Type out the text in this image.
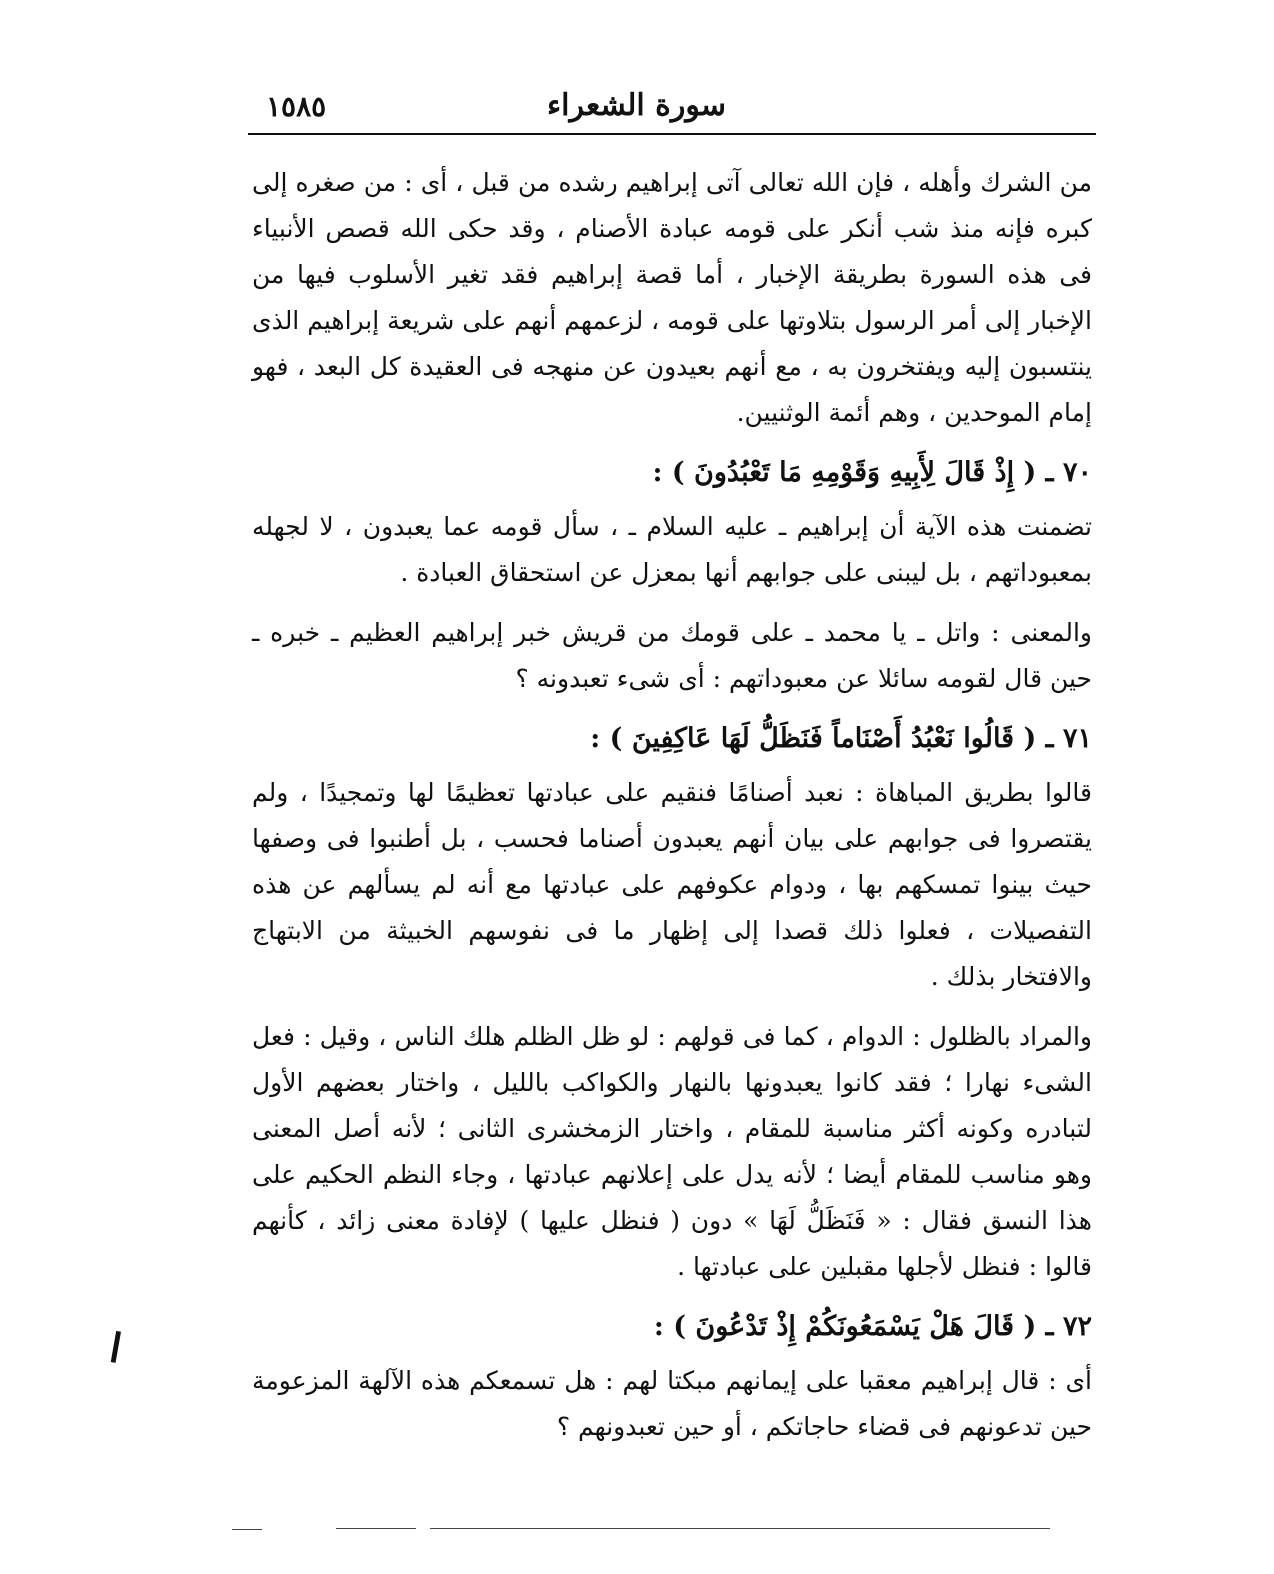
سورة الشعراء
١٥٨٥

من الشرك وأهله ، فإن الله تعالى آتى إبراهيم رشده من قبل ، أى : من صغره إلى كبره فإنه منذ شب أنكر على قومه عبادة الأصنام ، وقد حكى الله قصص الأنبياء فى هذه السورة بطريقة الإخبار ، أما قصة إبراهيم فقد تغير الأسلوب فيها من الإخبار إلى أمر الرسول بتلاوتها على قومه ، لزعمهم أنهم على شريعة إبراهيم الذى ينتسبون إليه ويفتخرون به ، مع أنهم بعيدون عن منهجه فى العقيدة كل البعد ، فهو إمام الموحدين ، وهم أئمة الوثنيين.

٧٠ ـ ( إِذْ قَالَ لِأَبِيهِ وَقَوْمِهِ مَا تَعْبُدُونَ ) :

تضمنت هذه الآية أن إبراهيم ـ عليه السلام ـ ، سأل قومه عما يعبدون ، لا لجهله بمعبوداتهم ، بل ليبنى على جوابهم أنها بمعزل عن استحقاق العبادة .

والمعنى : واتل ـ يا محمد ـ على قومك من قريش خبر إبراهيم العظيم ـ خبره ـ حين قال لقومه سائلا عن معبوداتهم : أى شىء تعبدونه ؟

٧١ ـ ( قَالُوا نَعْبُدُ أَصْنَاماً فَنَظَلُّ لَهَا عَاكِفِينَ ) :

قالوا بطريق المباهاة : نعبد أصنامًا فنقيم على عبادتها تعظيمًا لها وتمجيدًا ، ولم يقتصروا فى جوابهم على بيان أنهم يعبدون أصناما فحسب ، بل أطنبوا فى وصفها حيث بينوا تمسكهم بها ، ودوام عكوفهم على عبادتها مع أنه لم يسألهم عن هذه التفصيلات ، فعلوا ذلك قصدا إلى إظهار ما فى نفوسهم الخبيثة من الابتهاج والافتخار بذلك .

والمراد بالظلول : الدوام ، كما فى قولهم : لو ظل الظلم هلك الناس ، وقيل : فعل الشىء نهارا ؛ فقد كانوا يعبدونها بالنهار والكواكب بالليل ، واختار بعضهم الأول لتبادره وكونه أكثر مناسبة للمقام ، واختار الزمخشرى الثانى ؛ لأنه أصل المعنى وهو مناسب للمقام أيضا ؛ لأنه يدل على إعلانهم عبادتها ، وجاء النظم الحكيم على هذا النسق فقال : « فَنَظَلُّ لَهَا » دون ( فنظل عليها ) لإفادة معنى زائد ، كأنهم قالوا : فنظل لأجلها مقبلين على عبادتها .

٧٢ ـ ( قَالَ هَلْ يَسْمَعُونَكُمْ إِذْ تَدْعُونَ ) :

أى : قال إبراهيم معقبا على إيمانهم مبكتا لهم : هل تسمعكم هذه الآلهة المزعومة حين تدعونهم فى قضاء حاجاتكم ، أو حين تعبدونهم ؟

ا
